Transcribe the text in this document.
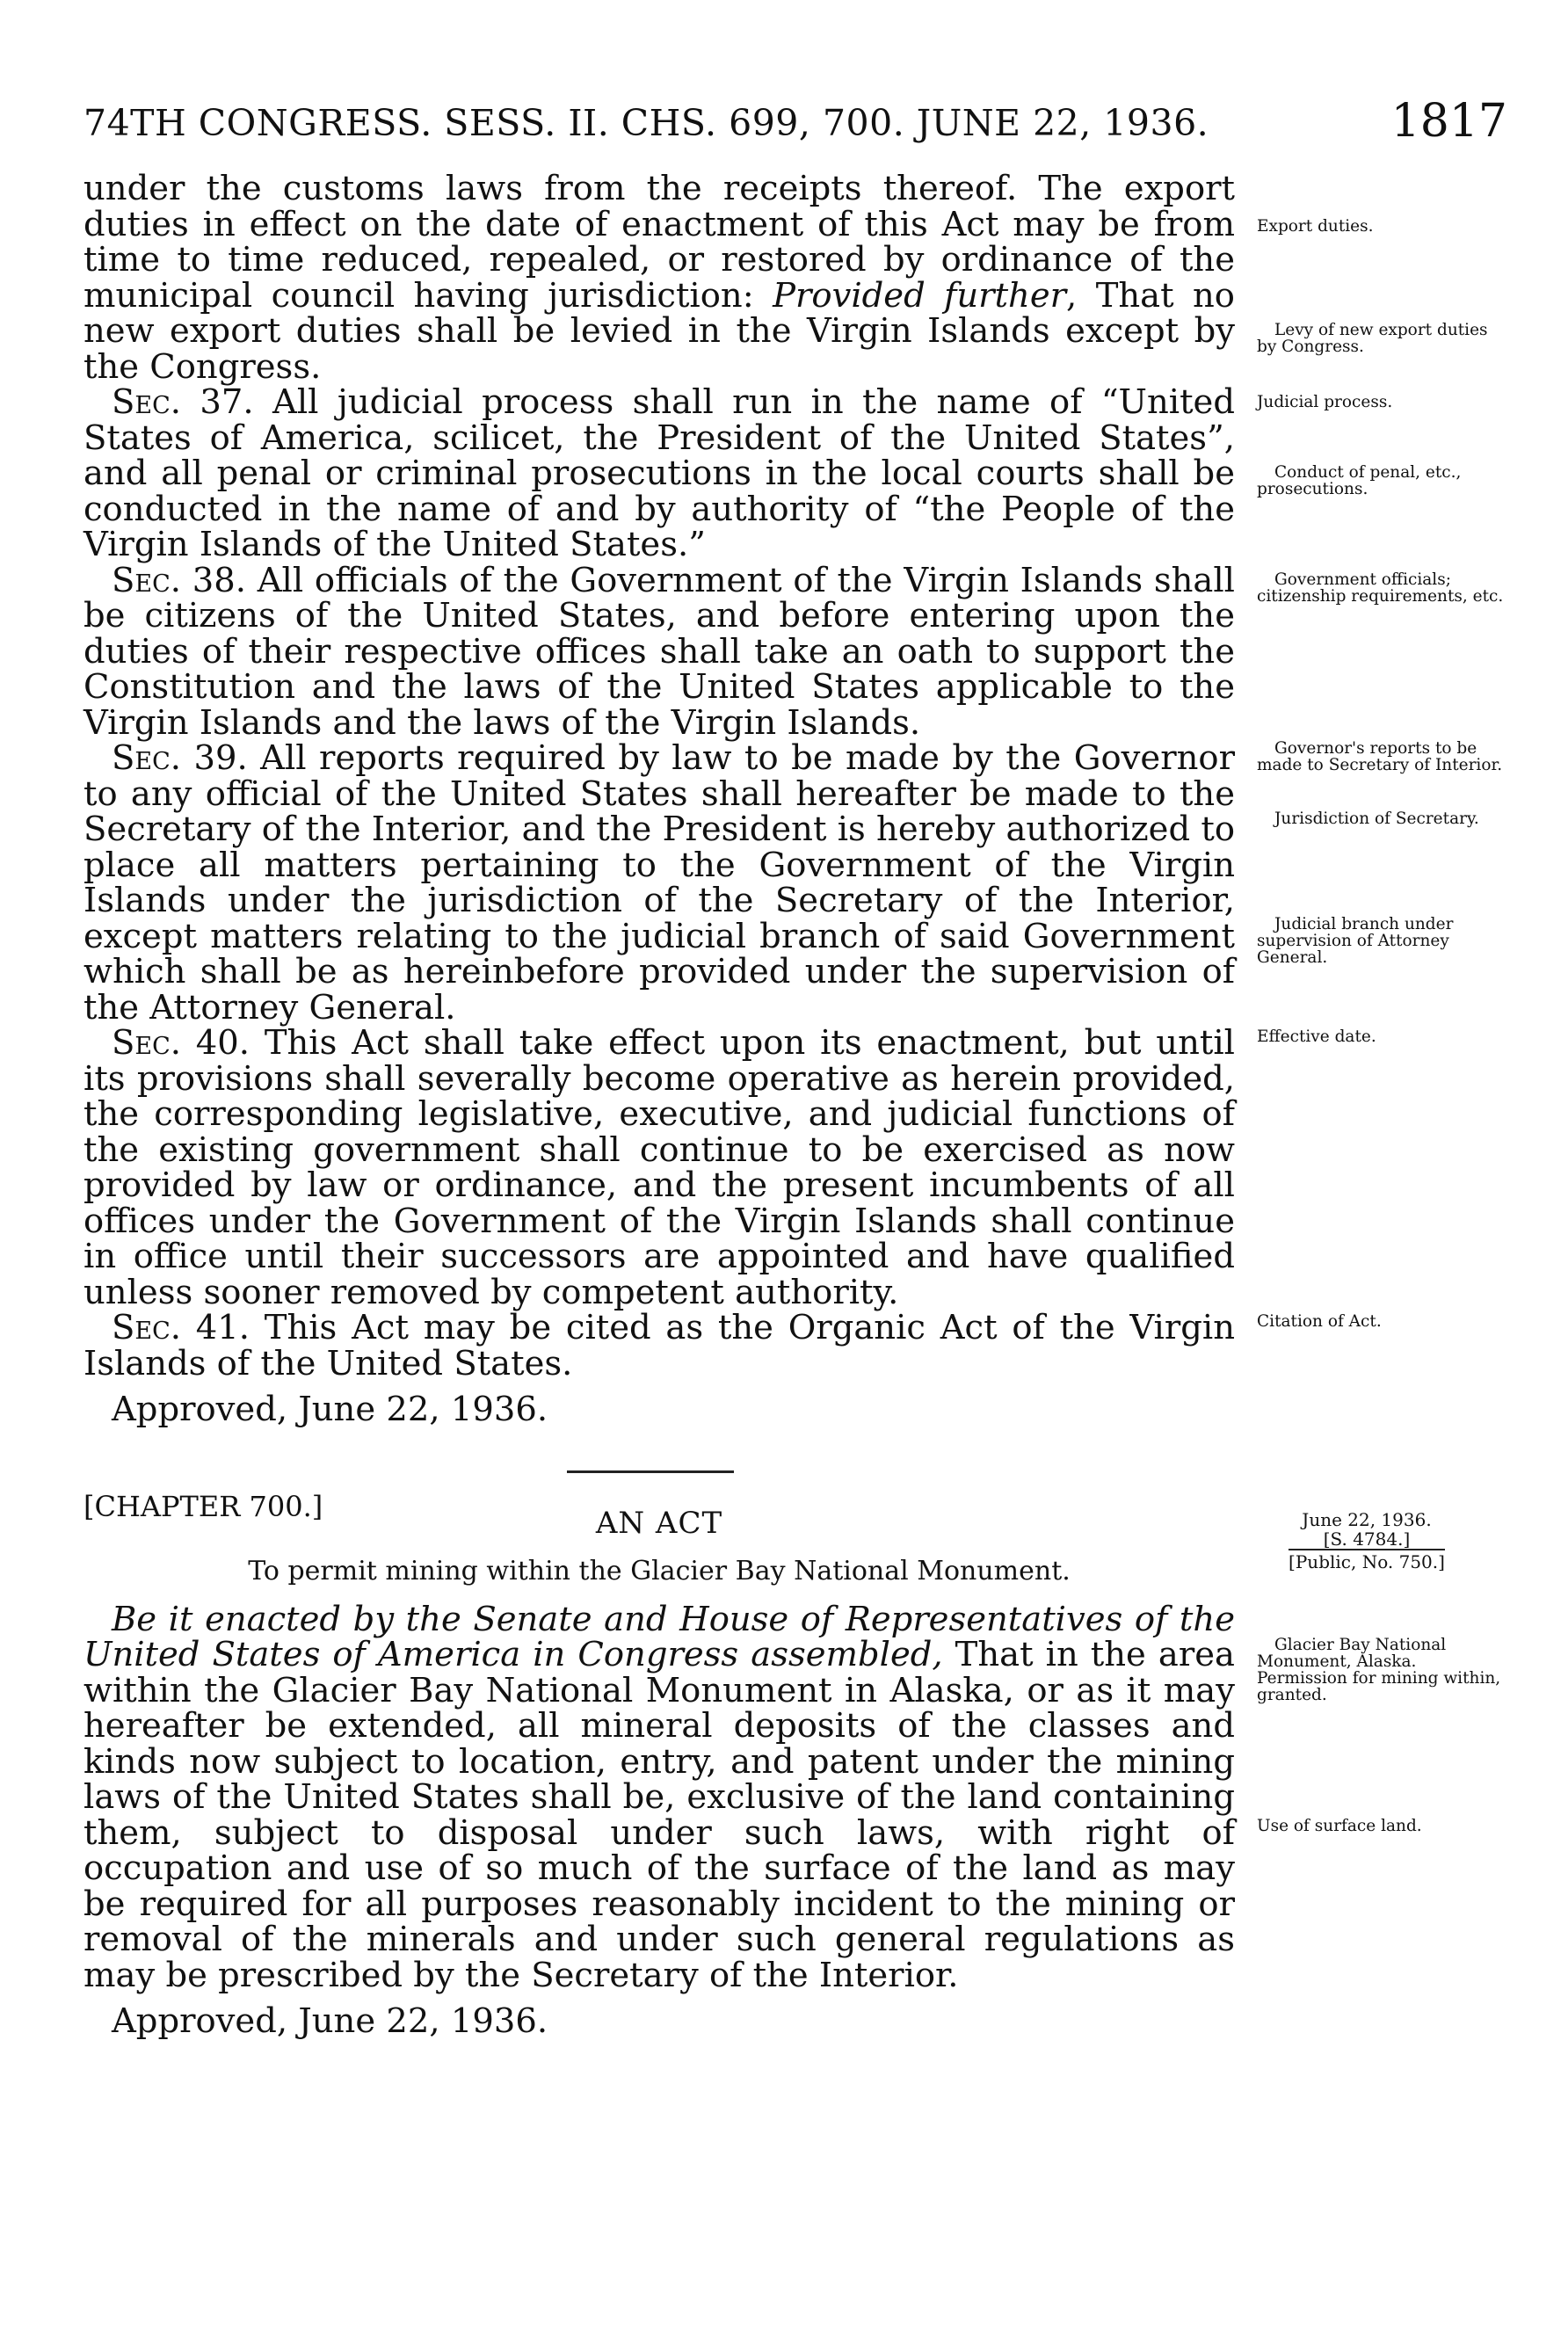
74TH CONGRESS. SESS. II. CHS. 699, 700. JUNE 22, 1936.	1817

under the customs laws from the receipts thereof. The export duties in effect on the date of enactment of this Act may be from time to time reduced, repealed, or restored by ordinance of the municipal council having jurisdiction: Provided further, That no new export duties shall be levied in the Virgin Islands except by the Congress.

Sec. 37. All judicial process shall run in the name of “United States of America, scilicet, the President of the United States”, and all penal or criminal prosecutions in the local courts shall be conducted in the name of and by authority of “the People of the Virgin Islands of the United States.”

Sec. 38. All officials of the Government of the Virgin Islands shall be citizens of the United States, and before entering upon the duties of their respective offices shall take an oath to support the Constitution and the laws of the United States applicable to the Virgin Islands and the laws of the Virgin Islands.

Sec. 39. All reports required by law to be made by the Governor to any official of the United States shall hereafter be made to the Secretary of the Interior, and the President is hereby authorized to place all matters pertaining to the Government of the Virgin Islands under the jurisdiction of the Secretary of the Interior, except matters relating to the judicial branch of said Government which shall be as hereinbefore provided under the supervision of the Attorney General.

Sec. 40. This Act shall take effect upon its enactment, but until its provisions shall severally become operative as herein provided, the corresponding legislative, executive, and judicial functions of the existing government shall continue to be exercised as now provided by law or ordinance, and the present incumbents of all offices under the Government of the Virgin Islands shall continue in office until their successors are appointed and have qualified unless sooner removed by competent authority.

Sec. 41. This Act may be cited as the Organic Act of the Virgin Islands of the United States.

Approved, June 22, 1936.

[CHAPTER 700.]	AN ACT
To permit mining within the Glacier Bay National Monument.

Be it enacted by the Senate and House of Representatives of the United States of America in Congress assembled, That in the area within the Glacier Bay National Monument in Alaska, or as it may hereafter be extended, all mineral deposits of the classes and kinds now subject to location, entry, and patent under the mining laws of the United States shall be, exclusive of the land containing them, subject to disposal under such laws, with right of occupation and use of so much of the surface of the land as may be required for all purposes reasonably incident to the mining or removal of the minerals and under such general regulations as may be prescribed by the Secretary of the Interior.

Approved, June 22, 1936.

Export duties.
Levy of new export duties by Congress.
Judicial process.
Conduct of penal, etc., prosecutions.
Government officials; citizenship requirements, etc.
Governor's reports to be made to Secretary of Interior.
Jurisdiction of Secretary.
Judicial branch under supervision of Attorney General.
Effective date.
Citation of Act.
June 22, 1936.
[S. 4784.]
[Public, No. 750.]
Glacier Bay National Monument, Alaska. Permission for mining within, granted.
Use of surface land.
